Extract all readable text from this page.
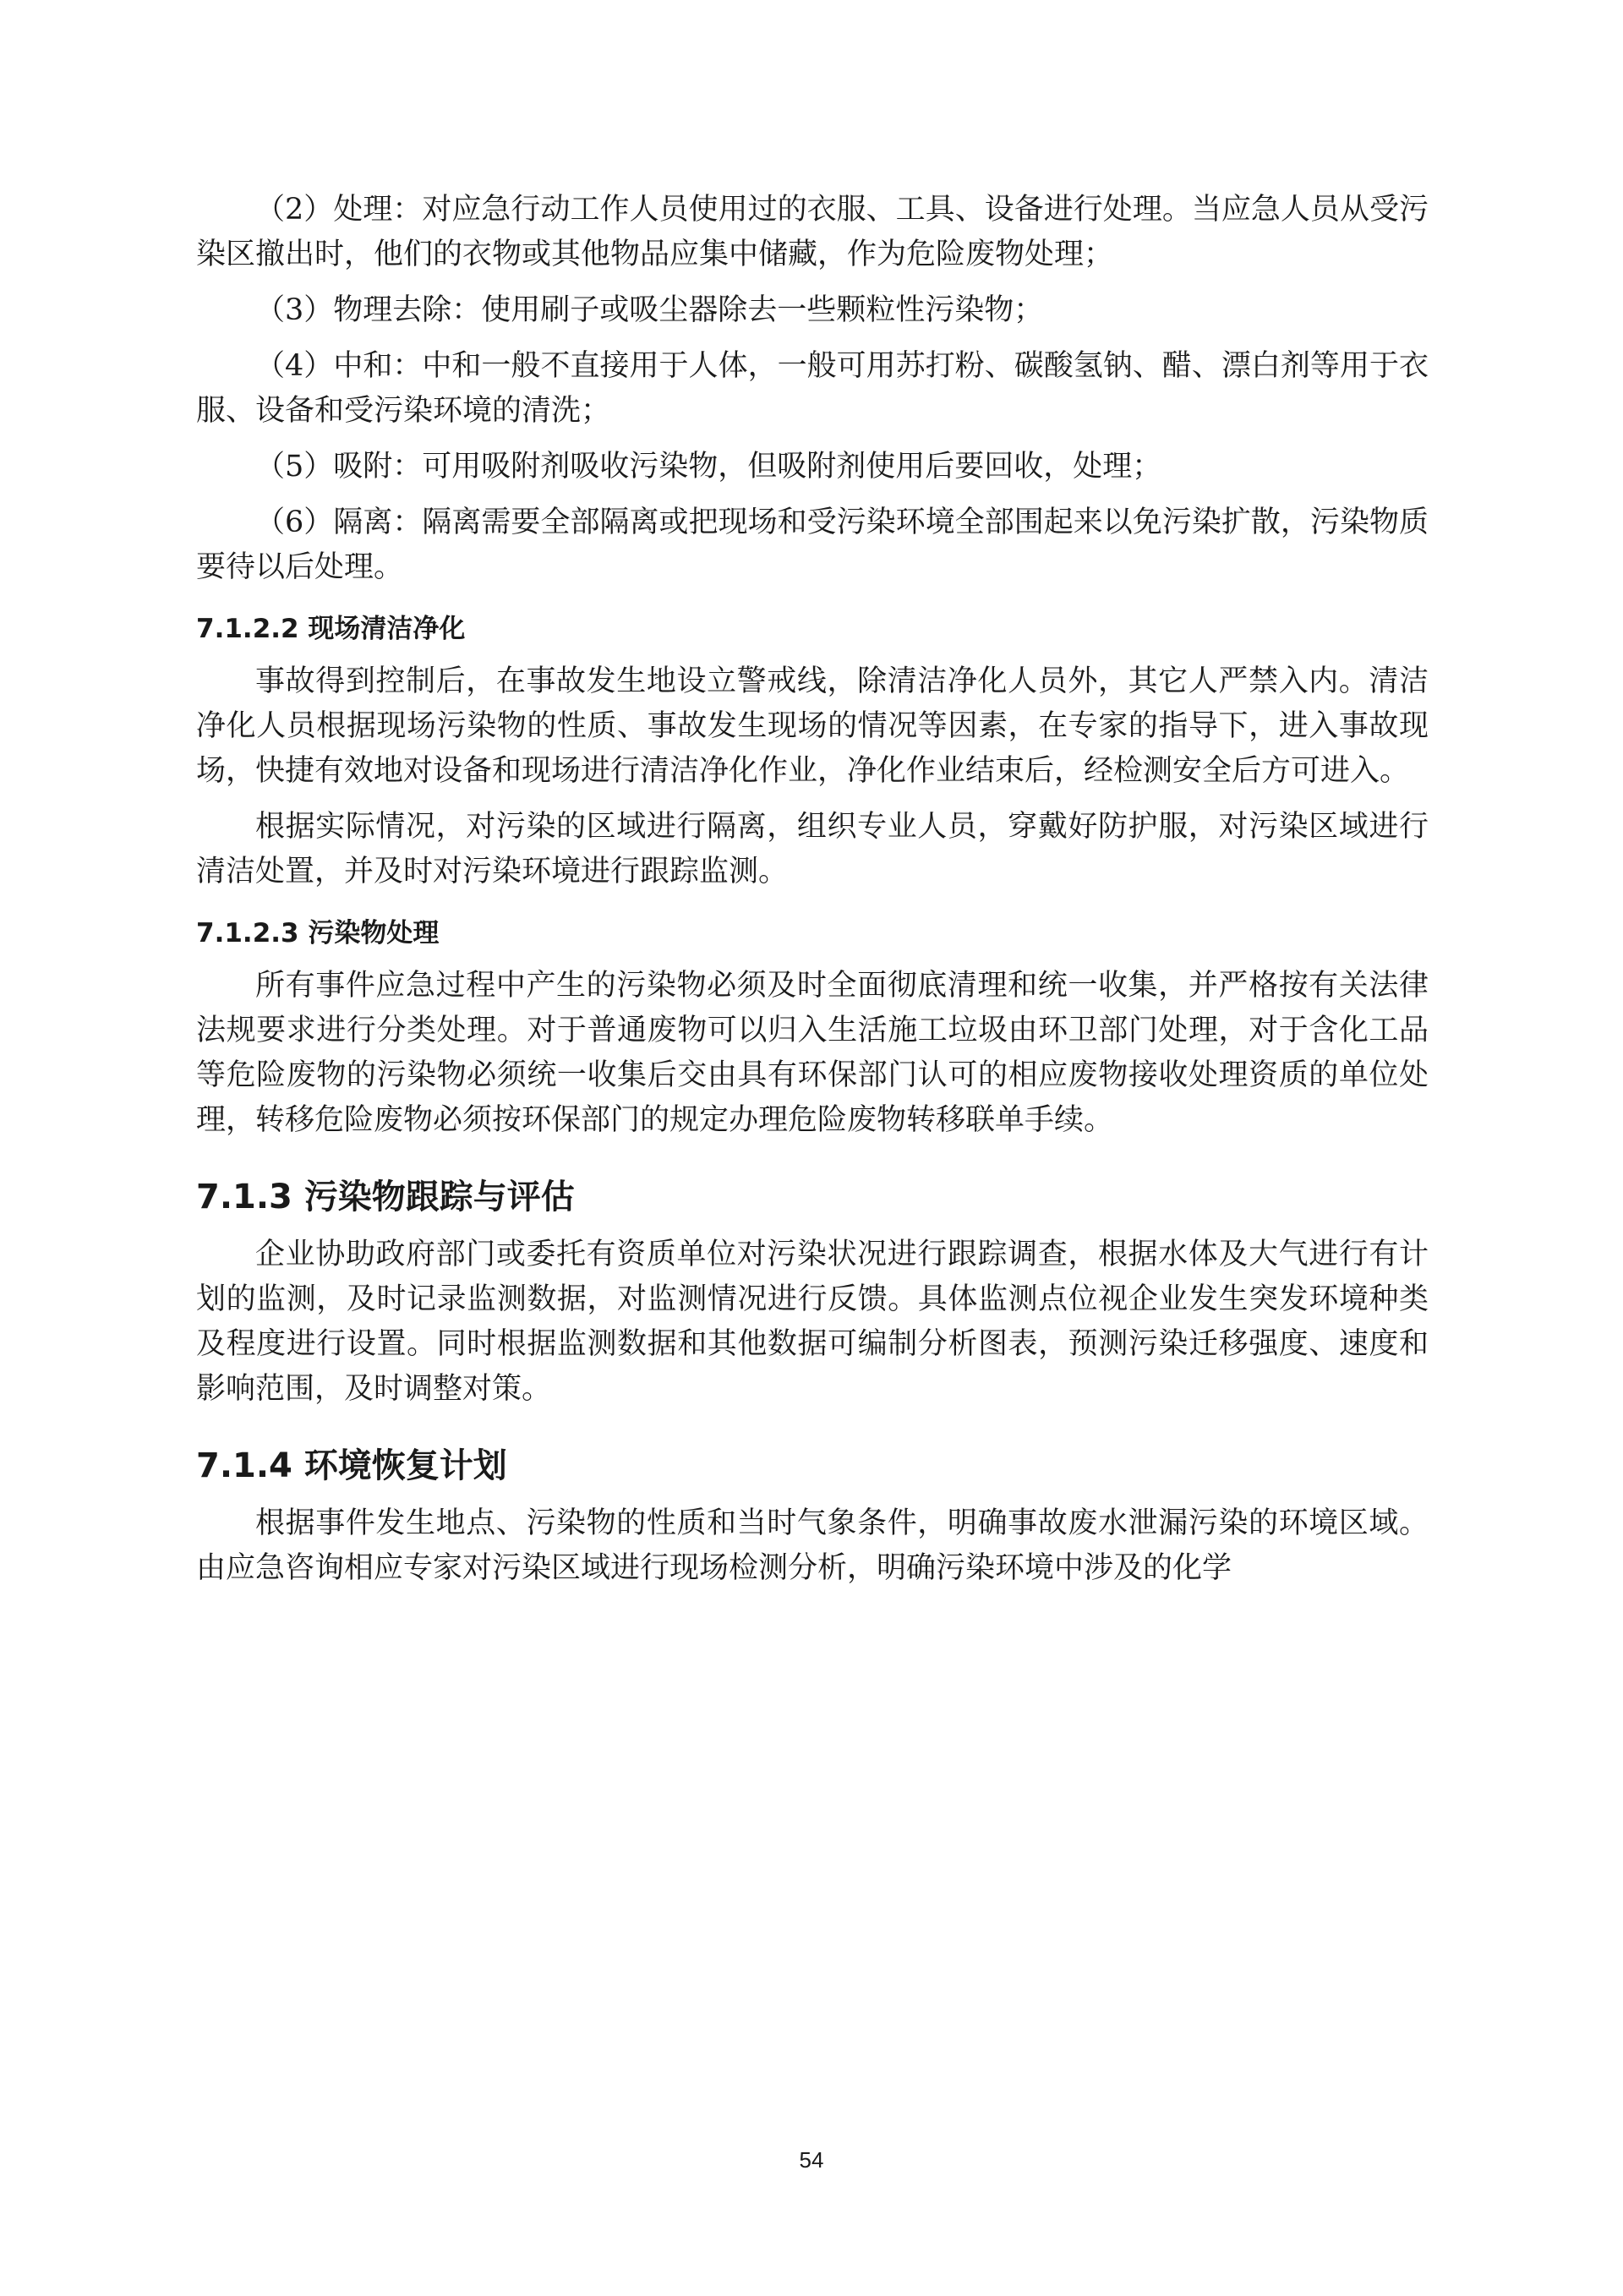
（2）处理：对应急行动工作人员使用过的衣服、工具、设备进行处理。当应急人员从受污染区撤出时，他们的衣物或其他物品应集中储藏，作为危险废物处理；

（3）物理去除：使用刷子或吸尘器除去一些颗粒性污染物；

（4）中和：中和一般不直接用于人体，一般可用苏打粉、碳酸氢钠、醋、漂白剂等用于衣服、设备和受污染环境的清洗；

（5）吸附：可用吸附剂吸收污染物，但吸附剂使用后要回收，处理；

（6）隔离：隔离需要全部隔离或把现场和受污染环境全部围起来以免污染扩散，污染物质要待以后处理。

7.1.2.2 现场清洁净化

事故得到控制后，在事故发生地设立警戒线，除清洁净化人员外，其它人严禁入内。清洁净化人员根据现场污染物的性质、事故发生现场的情况等因素，在专家的指导下，进入事故现场，快捷有效地对设备和现场进行清洁净化作业，净化作业结束后，经检测安全后方可进入。

根据实际情况，对污染的区域进行隔离，组织专业人员，穿戴好防护服，对污染区域进行清洁处置，并及时对污染环境进行跟踪监测。

7.1.2.3 污染物处理

所有事件应急过程中产生的污染物必须及时全面彻底清理和统一收集，并严格按有关法律法规要求进行分类处理。对于普通废物可以归入生活施工垃圾由环卫部门处理，对于含化工品等危险废物的污染物必须统一收集后交由具有环保部门认可的相应废物接收处理资质的单位处理，转移危险废物必须按环保部门的规定办理危险废物转移联单手续。

7.1.3 污染物跟踪与评估

企业协助政府部门或委托有资质单位对污染状况进行跟踪调查，根据水体及大气进行有计划的监测，及时记录监测数据，对监测情况进行反馈。具体监测点位视企业发生突发环境种类及程度进行设置。同时根据监测数据和其他数据可编制分析图表，预测污染迁移强度、速度和影响范围，及时调整对策。

7.1.4 环境恢复计划

根据事件发生地点、污染物的性质和当时气象条件，明确事故废水泄漏污染的环境区域。由应急咨询相应专家对污染区域进行现场检测分析，明确污染环境中涉及的化学

54
